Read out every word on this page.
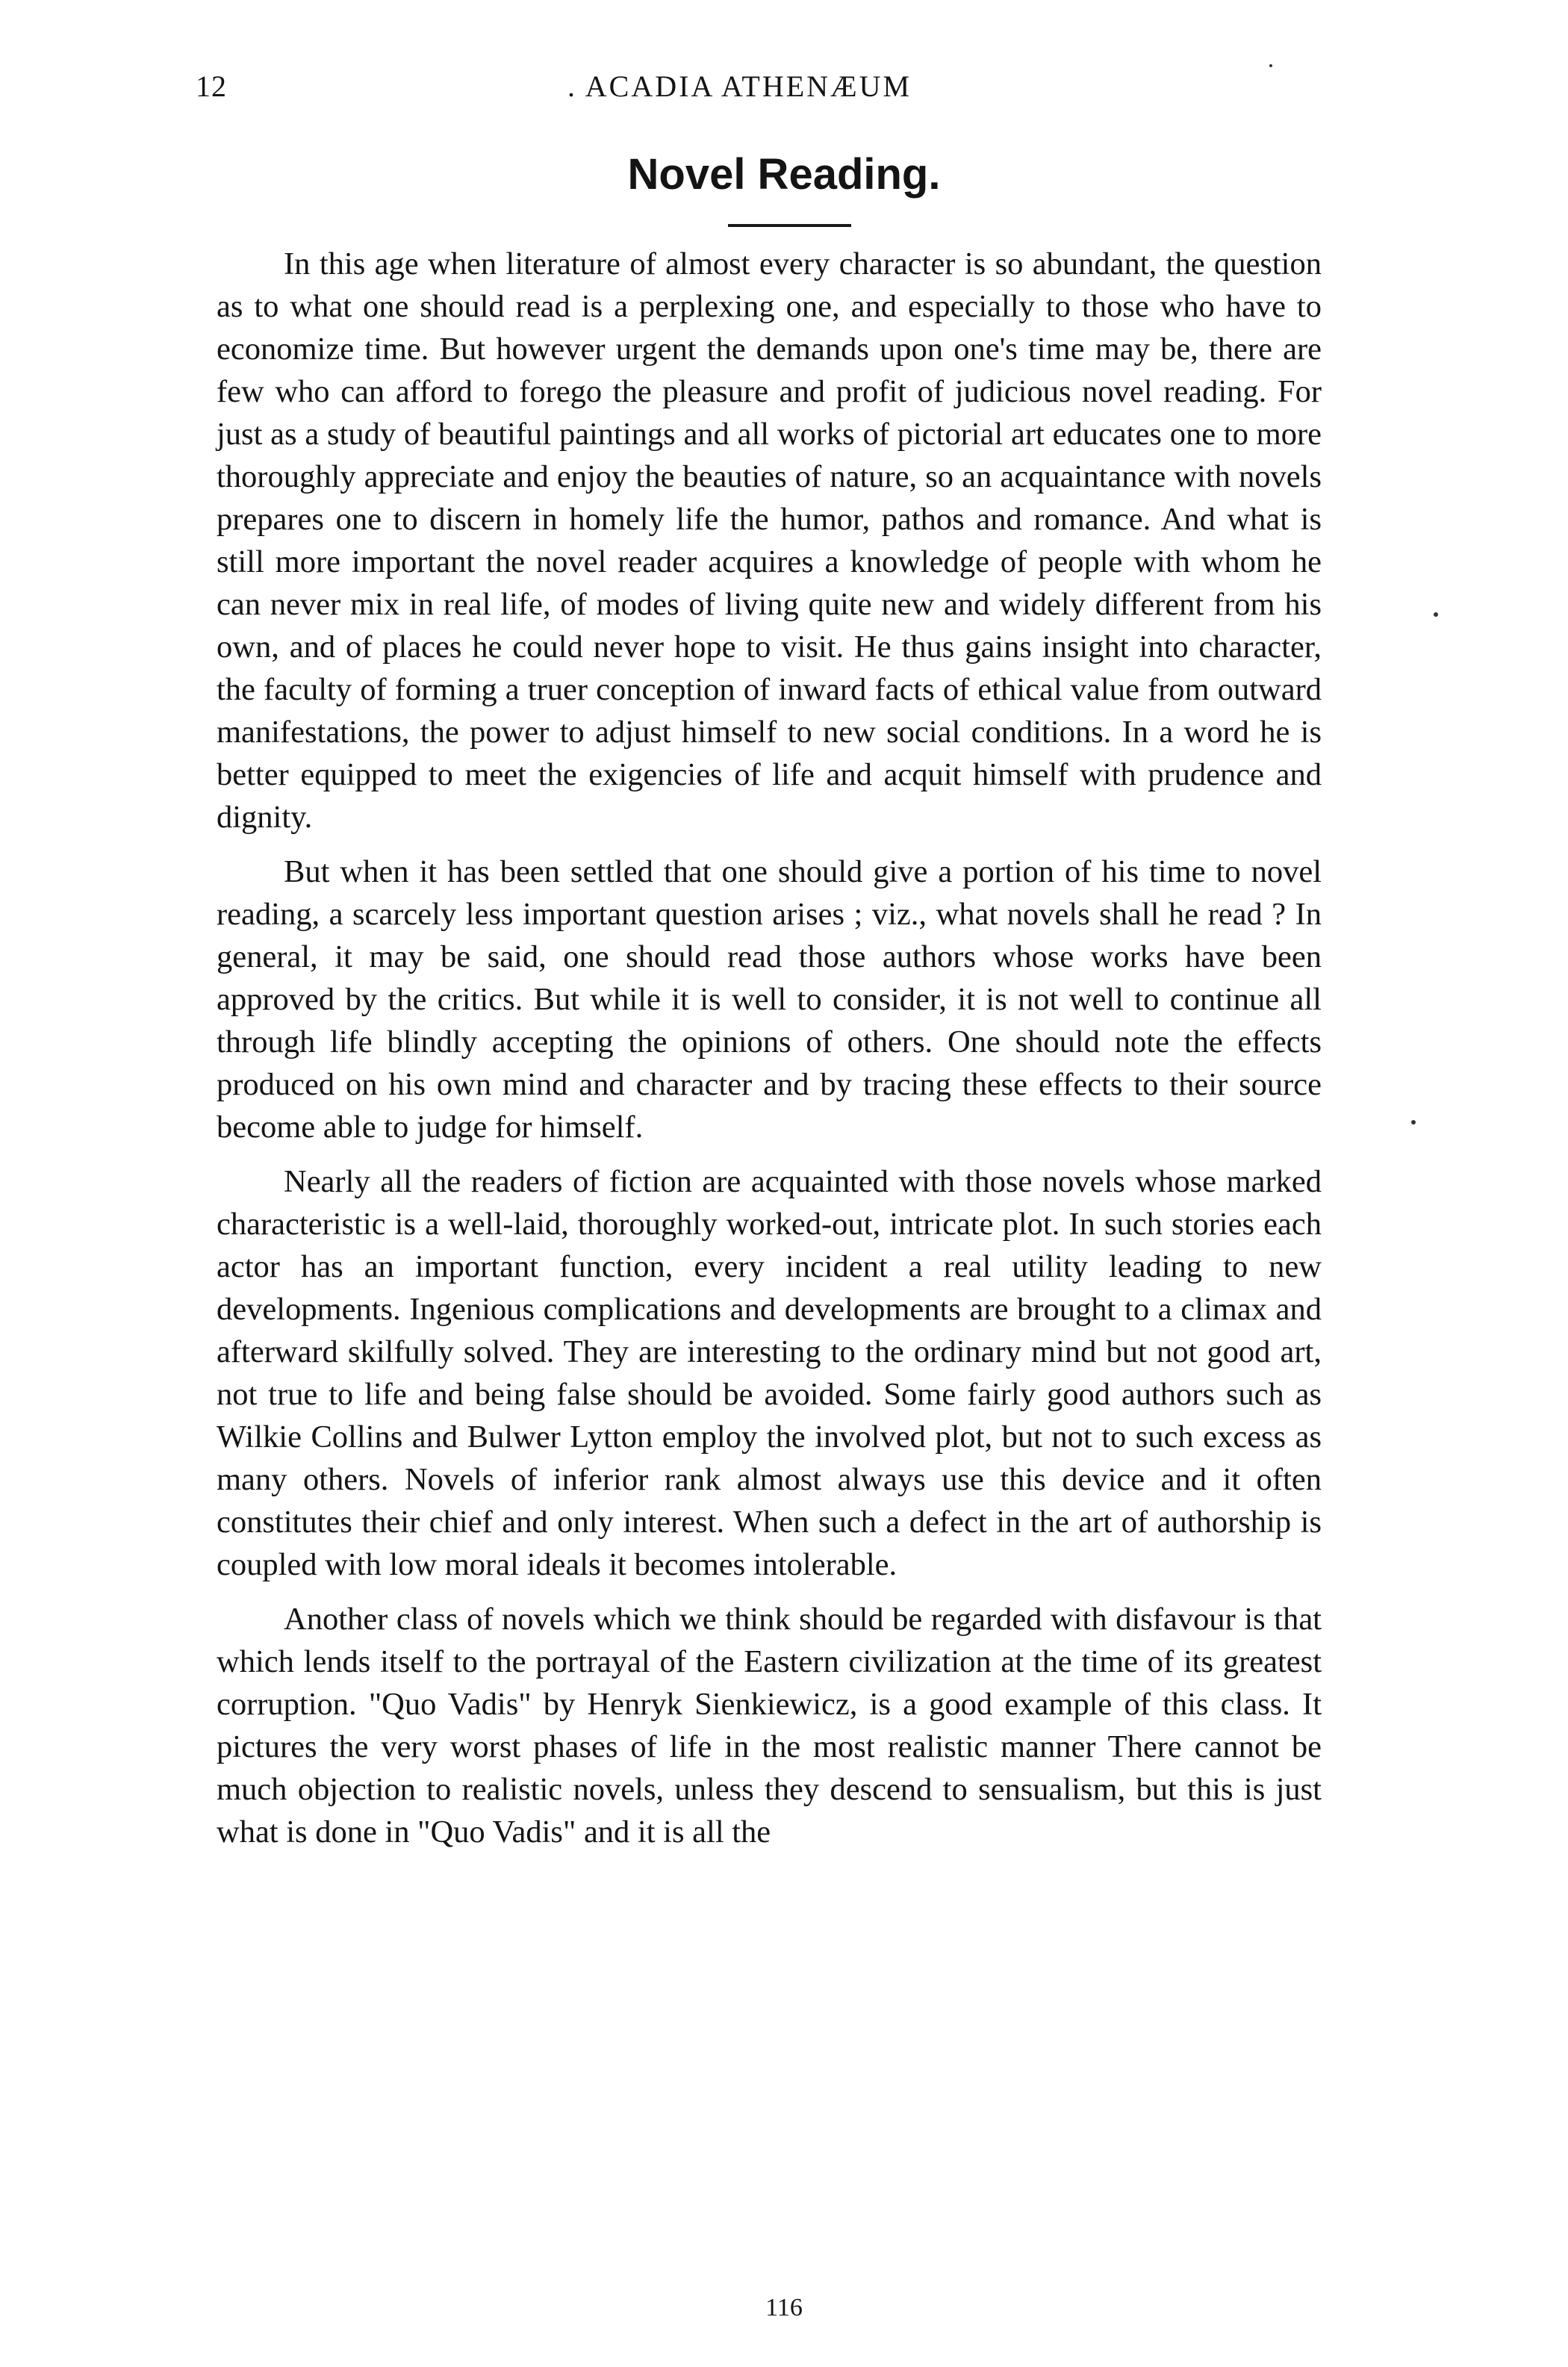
12	. ACADIA ATHENÆUM
Novel Reading.

In this age when literature of almost every character is so abundant, the question as to what one should read is a perplexing one, and especially to those who have to economize time. But however urgent the demands upon one's time may be, there are few who can afford to forego the pleasure and profit of judicious novel reading. For just as a study of beautiful paintings and all works of pictorial art educates one to more thoroughly appreciate and enjoy the beauties of nature, so an acquaintance with novels prepares one to discern in homely life the humor, pathos and romance. And what is still more important the novel reader acquires a knowledge of people with whom he can never mix in real life, of modes of living quite new and widely different from his own, and of places he could never hope to visit. He thus gains insight into character, the faculty of forming a truer conception of inward facts of ethical value from outward manifestations, the power to adjust himself to new social conditions. In a word he is better equipped to meet the exigencies of life and acquit himself with prudence and dignity.

But when it has been settled that one should give a portion of his time to novel reading, a scarcely less important question arises ; viz., what novels shall he read ? In general, it may be said, one should read those authors whose works have been approved by the critics. But while it is well to consider, it is not well to continue all through life blindly accepting the opinions of others. One should note the effects produced on his own mind and character and by tracing these effects to their source become able to judge for himself.

Nearly all the readers of fiction are acquainted with those novels whose marked characteristic is a well-laid, thoroughly worked-out, intricate plot. In such stories each actor has an important function, every incident a real utility leading to new developments. Ingenious complications and developments are brought to a climax and afterward skilfully solved. They are interesting to the ordinary mind but not good art, not true to life and being false should be avoided. Some fairly good authors such as Wilkie Collins and Bulwer Lytton employ the involved plot, but not to such excess as many others. Novels of inferior rank almost always use this device and it often constitutes their chief and only interest. When such a defect in the art of authorship is coupled with low moral ideals it becomes intolerable.

Another class of novels which we think should be regarded with disfavour is that which lends itself to the portrayal of the Eastern civilization at the time of its greatest corruption. "Quo Vadis" by Henryk Sienkiewicz, is a good example of this class. It pictures the very worst phases of life in the most realistic manner There cannot be much objection to realistic novels, unless they descend to sensualism, but this is just what is done in "Quo Vadis" and it is all the

116
